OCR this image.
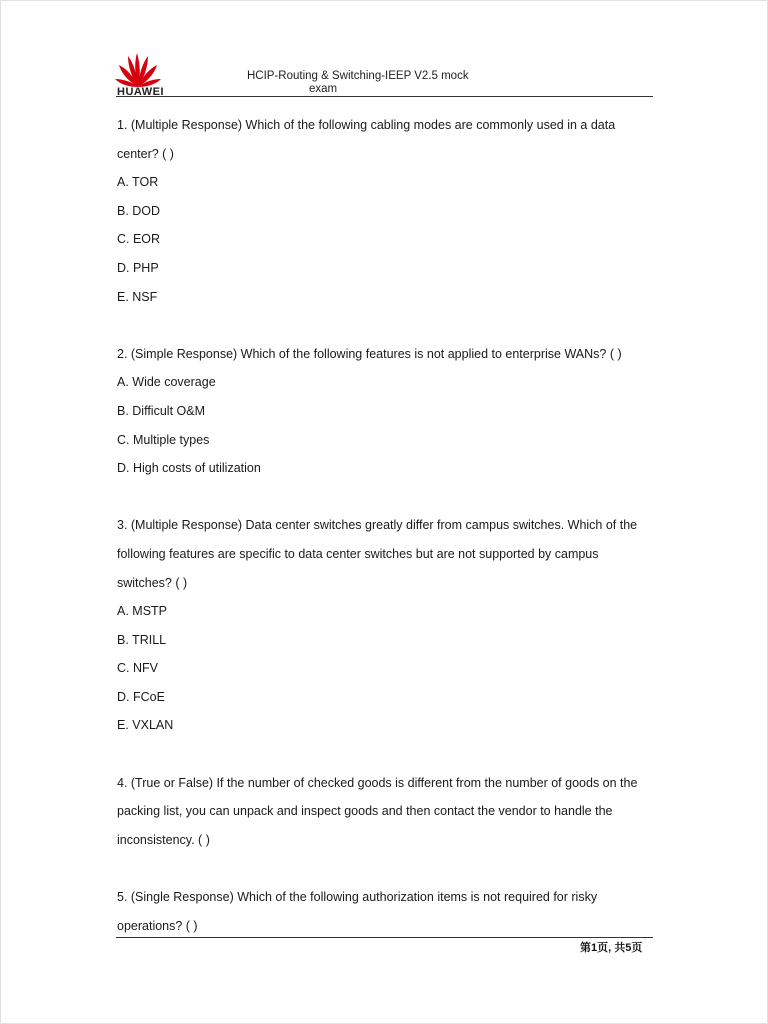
HUAWEI
HCIP-Routing & Switching-IEEP V2.5 mock
exam
1. (Multiple Response) Which of the following cabling modes are commonly used in a data
center? ( )
A. TOR
B. DOD
C. EOR
D. PHP
E. NSF
2. (Simple Response) Which of the following features is not applied to enterprise WANs? ( )
A. Wide coverage
B. Difficult O&M
C. Multiple types
D. High costs of utilization
3. (Multiple Response) Data center switches greatly differ from campus switches. Which of the
following features are specific to data center switches but are not supported by campus
switches? ( )
A. MSTP
B. TRILL
C. NFV
D. FCoE
E. VXLAN
4. (True or False) If the number of checked goods is different from the number of goods on the
packing list, you can unpack and inspect goods and then contact the vendor to handle the
inconsistency. ( )
5. (Single Response) Which of the following authorization items is not required for risky
operations? ( )
第1页, 共5页
